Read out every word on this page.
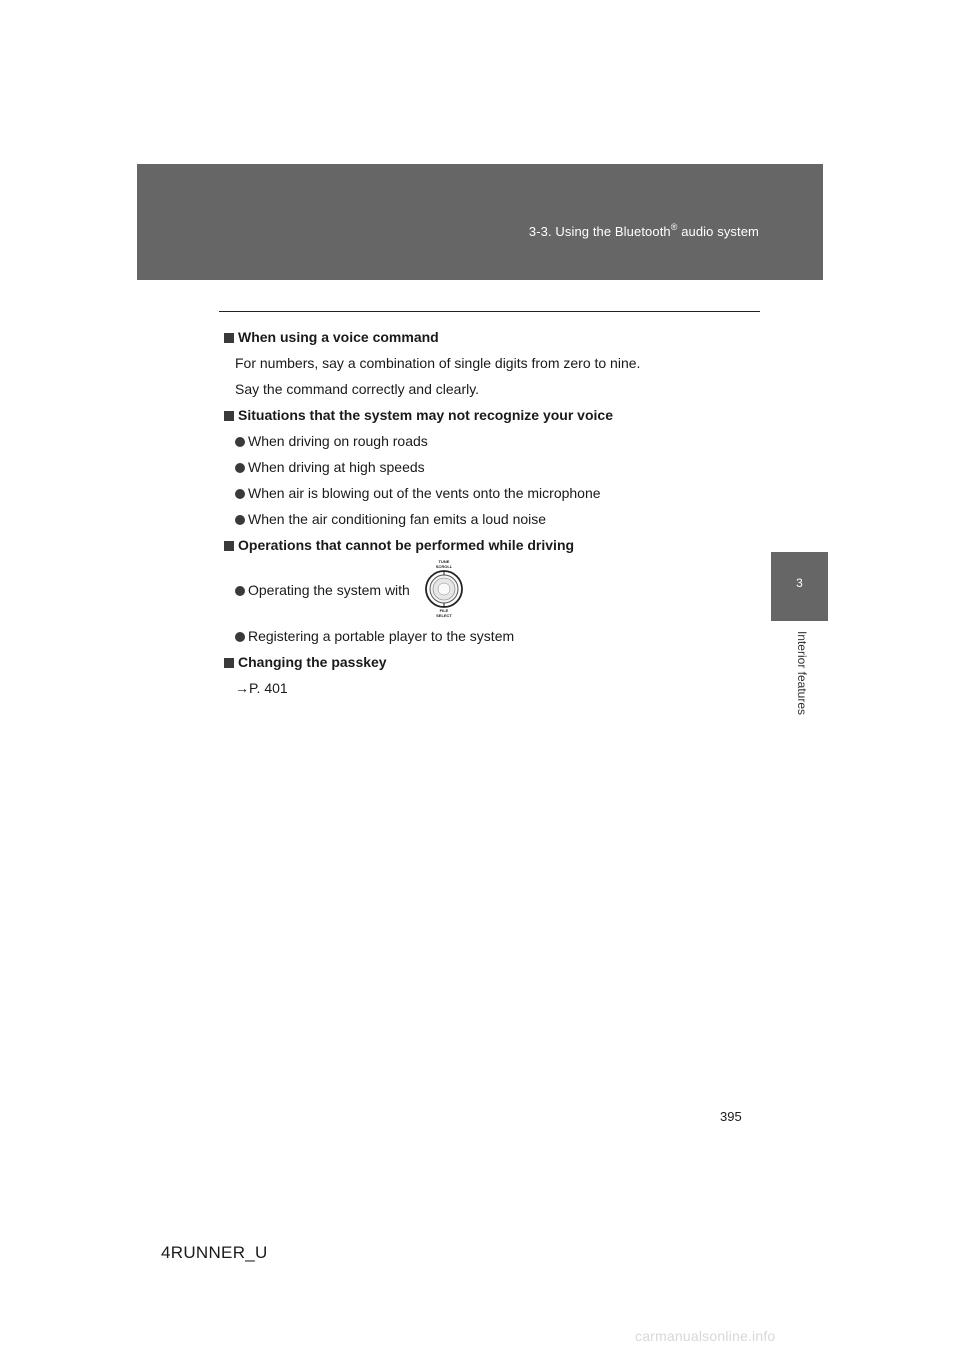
3-3. Using the Bluetooth® audio system
3
Interior features
When using a voice command
For numbers, say a combination of single digits from zero to nine.
Say the command correctly and clearly.
Situations that the system may not recognize your voice
When driving on rough roads
When driving at high speeds
When air is blowing out of the vents onto the microphone
When the air conditioning fan emits a loud noise
Operations that cannot be performed while driving
Operating the system with
TUNE
SCROLL
FILE
SELECT
Registering a portable player to the system
Changing the passkey
→P. 401
395
4RUNNER_U
carmanualsonline.info
